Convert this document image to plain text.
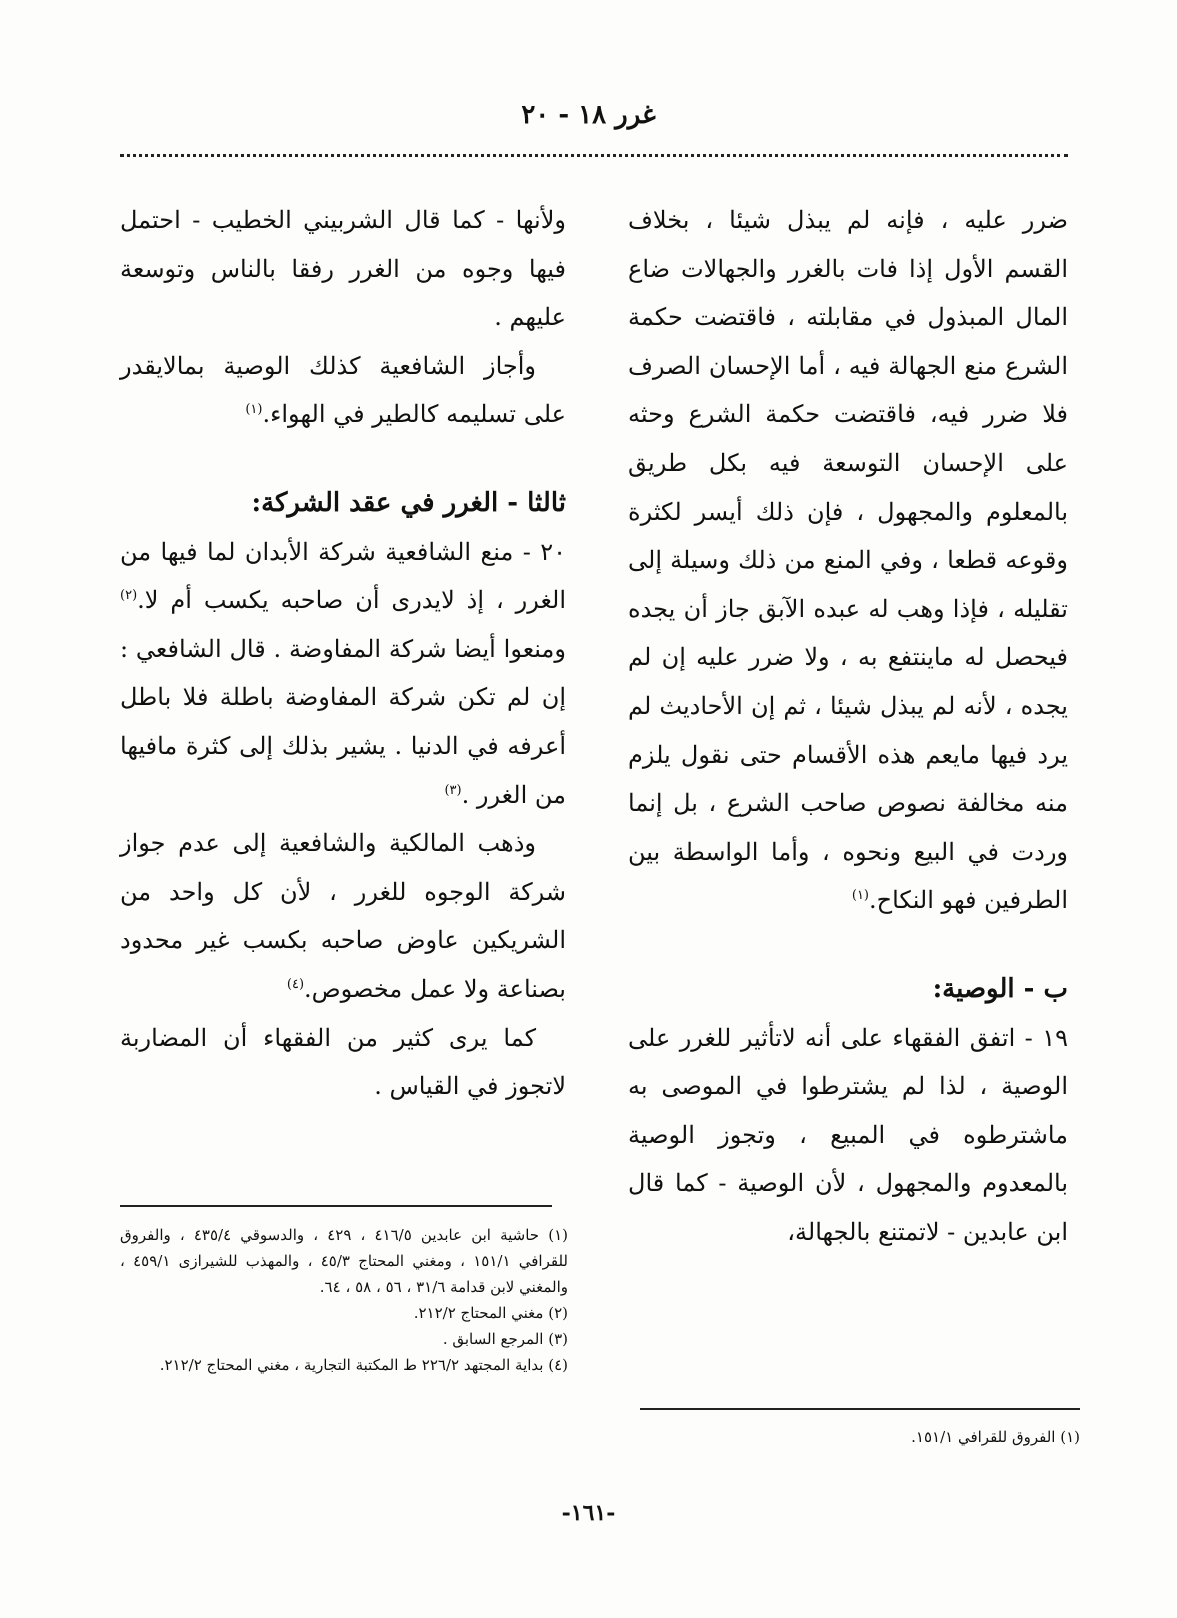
غرر ١٨ - ٢٠

ضرر عليه ، فإنه لم يبذل شيئا ، بخلاف القسم الأول إذا فات بالغرر والجهالات ضاع المال المبذول في مقابلته ، فاقتضت حكمة الشرع منع الجهالة فيه ، أما الإحسان الصرف فلا ضرر فيه، فاقتضت حكمة الشرع وحثه على الإحسان التوسعة فيه بكل طريق بالمعلوم والمجهول ، فإن ذلك أيسر لكثرة وقوعه قطعا ، وفي المنع من ذلك وسيلة إلى تقليله ، فإذا وهب له عبده الآبق جاز أن يجده فيحصل له ماينتفع به ، ولا ضرر عليه إن لم يجده ، لأنه لم يبذل شيئا ، ثم إن الأحاديث لم يرد فيها مايعم هذه الأقسام حتى نقول يلزم منه مخالفة نصوص صاحب الشرع ، بل إنما وردت في البيع ونحوه ، وأما الواسطة بين الطرفين فهو النكاح.$^{(١)}$

ب - الوصية:

١٩ - اتفق الفقهاء على أنه لاتأثير للغرر على الوصية ، لذا لم يشترطوا في الموصى به ماشترطوه في المبيع ، وتجوز الوصية بالمعدوم والمجهول ، لأن الوصية - كما قال ابن عابدين - لاتمتنع بالجهالة،

ولأنها - كما قال الشربيني الخطيب - احتمل فيها وجوه من الغرر رفقا بالناس وتوسعة عليهم .

وأجاز الشافعية كذلك الوصية بمالايقدر على تسليمه كالطير في الهواء.$^{(١)}$

ثالثا - الغرر في عقد الشركة:

٢٠ - منع الشافعية شركة الأبدان لما فيها من الغرر ، إذ لايدرى أن صاحبه يكسب أم لا.$^{(٢)}$ ومنعوا أيضا شركة المفاوضة . قال الشافعي : إن لم تكن شركة المفاوضة باطلة فلا باطل أعرفه في الدنيا . يشير بذلك إلى كثرة مافيها من الغرر .$^{(٣)}$

وذهب المالكية والشافعية إلى عدم جواز شركة الوجوه للغرر ، لأن كل واحد من الشريكين عاوض صاحبه بكسب غير محدود بصناعة ولا عمل مخصوص.$^{(٤)}$

كما يرى كثير من الفقهاء أن المضاربة لاتجوز في القياس .

(١) حاشية ابن عابدين ٤١٦/٥ ، ٤٢٩ ، والدسوقي ٤٣٥/٤ ، والفروق للقرافي ١٥١/١ ، ومغني المحتاج ٤٥/٣ ، والمهذب للشيرازى ٤٥٩/١ ، والمغني لابن قدامة ٣١/٦ ، ٥٦ ، ٥٨ ، ٦٤.

(٢) مغني المحتاج ٢١٢/٢.

(٣) المرجع السابق .

(٤) بداية المجتهد ٢٢٦/٢ ط المكتبة التجارية ، مغني المحتاج ٢١٢/٢.

(١) الفروق للقرافي ١٥١/١.

-١٦١-
